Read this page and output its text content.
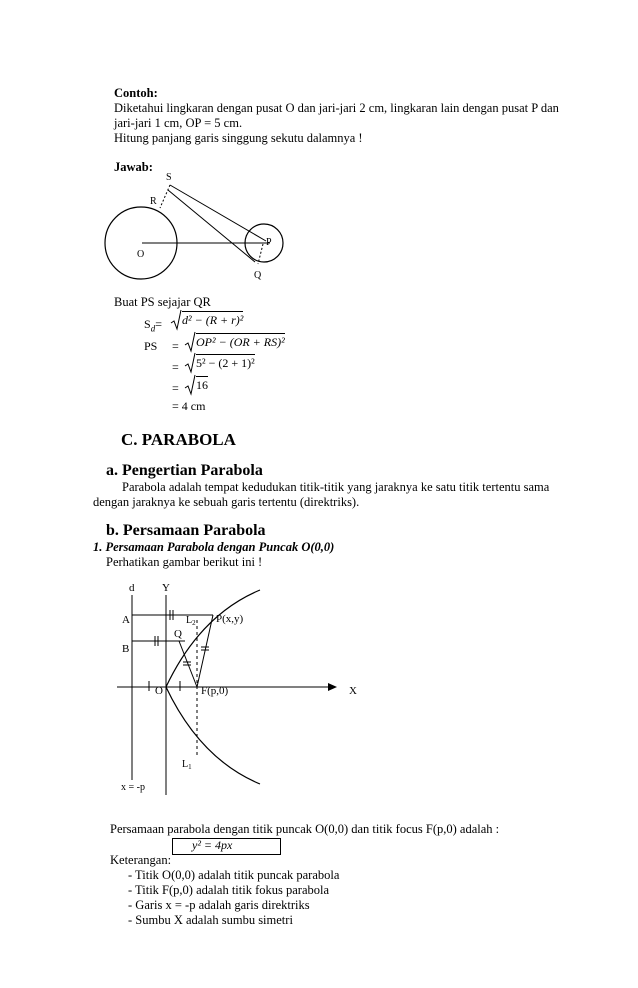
Contoh:
Diketahui lingkaran dengan pusat O dan jari-jari 2 cm, lingkaran lain dengan pusat P dan
jari-jari 1 cm, OP = 5 cm.
Hitung panjang garis singgung sekutu dalamnya !
Jawab:
S
R
O
P
Q
Buat PS sejajar QR
$S_d= d^2 - (R + r)^2$
PS = OP² − (OR + RS)²
= 5² − (2 + 1)²
= 16
= 4 cm
C. PARABOLA
a. Pengertian Parabola
Parabola adalah tempat kedudukan titik-titik yang jaraknya ke satu titik tertentu sama
dengan jaraknya ke sebuah garis tertentu (direktriks).
b. Persamaan Parabola
1. Persamaan Parabola dengan Puncak O(0,0)
Perhatikan gambar berikut ini !
d	Y
A
B
$L_2$
Q
P(x,y)
O	F(p,0)	X
$L_1$
x = -p
Persamaan parabola dengan titik puncak O(0,0) dan titik focus F(p,0) adalah :
y² = 4px
Keterangan:
- Titik O(0,0) adalah titik puncak parabola
- Titik F(p,0) adalah titik fokus parabola
- Garis x = -p adalah garis direktriks
- Sumbu X adalah sumbu simetri
